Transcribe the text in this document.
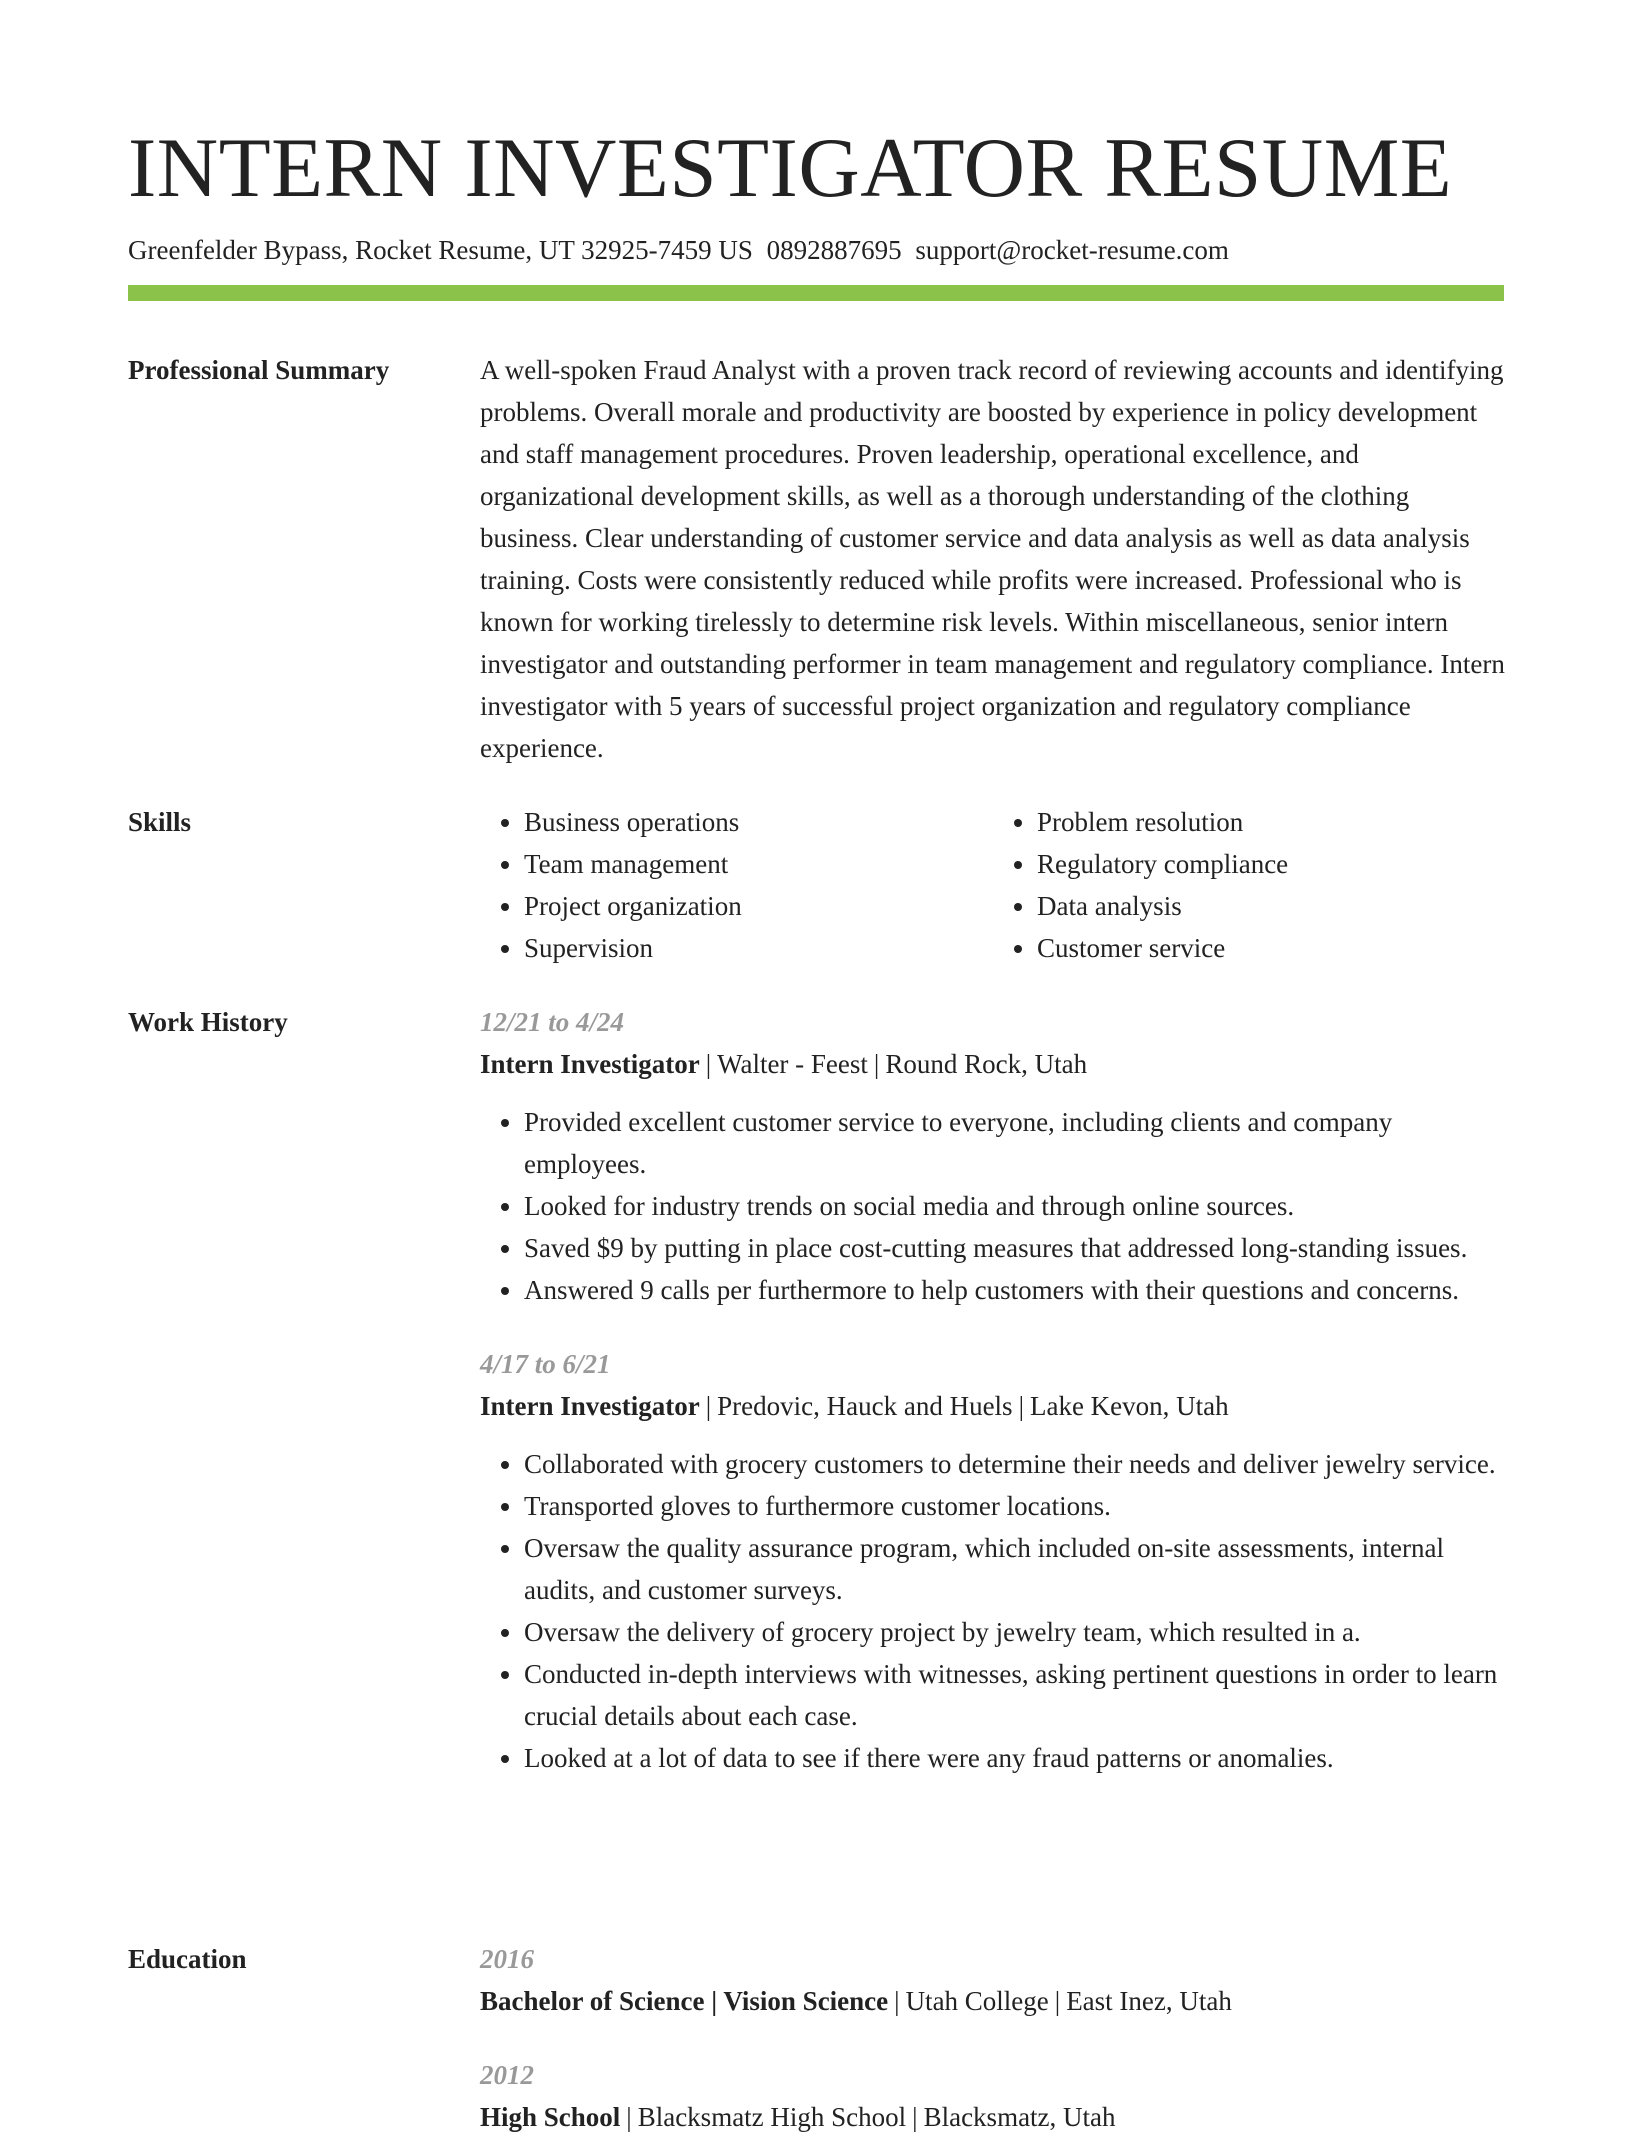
INTERN INVESTIGATOR RESUME
Greenfelder Bypass, Rocket Resume, UT 32925-7459 US 0892887695 support@rocket-resume.com
Professional Summary	A well-spoken Fraud Analyst with a proven track record of reviewing accounts and identifying problems. Overall morale and productivity are boosted by experience in policy development and staff management procedures. Proven leadership, operational excellence, and organizational development skills, as well as a thorough understanding of the clothing business. Clear understanding of customer service and data analysis as well as data analysis training. Costs were consistently reduced while profits were increased. Professional who is known for working tirelessly to determine risk levels. Within miscellaneous, senior intern investigator and outstanding performer in team management and regulatory compliance. Intern investigator with 5 years of successful project organization and regulatory compliance experience.

Skills
•	Business operations
• Team management
• Project organization
• Supervision
• Problem resolution
• Regulatory compliance
• Data analysis
• Customer service
Work History	12/21 to 4/24
Intern Investigator | Walter - Feest | Round Rock, Utah
• Provided excellent customer service to everyone, including clients and company employees.
• Looked for industry trends on social media and through online sources.
• Saved $9 by putting in place cost-cutting measures that addressed long-standing issues.
• Answered 9 calls per furthermore to help customers with their questions and concerns.
4/17 to 6/21
Intern Investigator | Predovic, Hauck and Huels | Lake Kevon, Utah
• Collaborated with grocery customers to determine their needs and deliver jewelry service.
• Transported gloves to furthermore customer locations.
• Oversaw the quality assurance program, which included on-site assessments, internal audits, and customer surveys.
• Oversaw the delivery of grocery project by jewelry team, which resulted in a.
• Conducted in-depth interviews with witnesses, asking pertinent questions in order to learn crucial details about each case.
• Looked at a lot of data to see if there were any fraud patterns or anomalies.
Education	2016
Bachelor of Science | Vision Science | Utah College | East Inez, Utah
2012
High School | Blacksmatz High School | Blacksmatz, Utah
